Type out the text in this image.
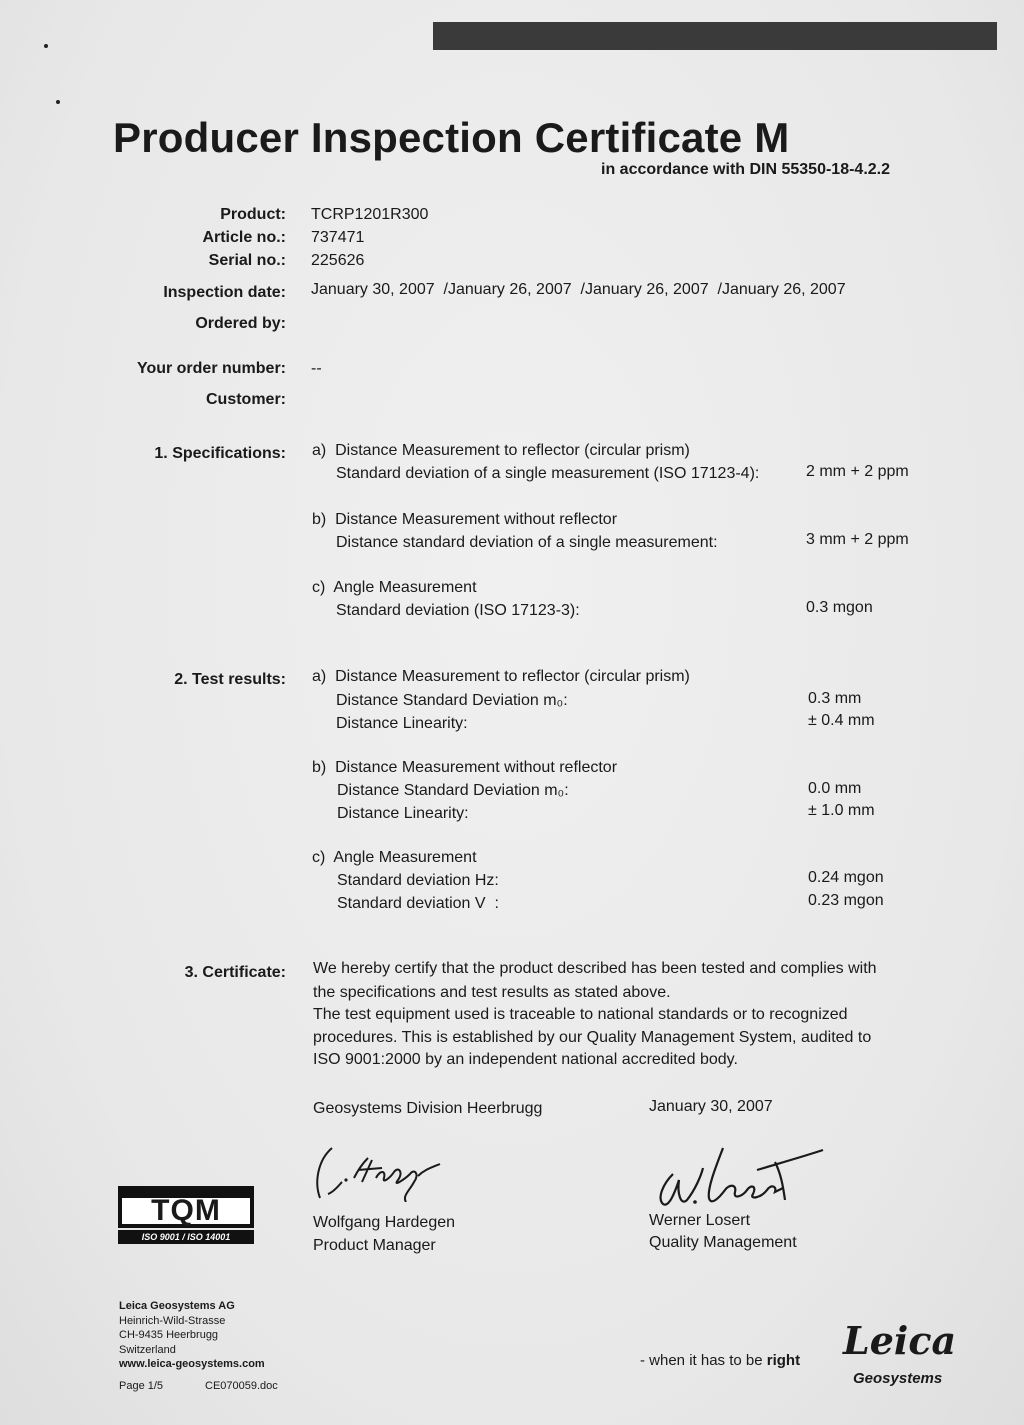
Producer Inspection Certificate M
in accordance with DIN 55350-18-4.2.2
Product: TCRP1201R300
Article no.: 737471
Serial no.: 225626
Inspection date: January 30, 2007  /January 26, 2007  /January 26, 2007  /January 26, 2007
Ordered by:
Your order number: --
Customer:
1. Specifications: a)  Distance Measurement to reflector (circular prism)
Standard deviation of a single measurement (ISO 17123-4):	2 mm + 2 ppm
b)  Distance Measurement without reflector
Distance standard deviation of a single measurement:	3 mm + 2 ppm
c)  Angle Measurement
Standard deviation (ISO 17123-3):	0.3 mgon
2. Test results: a)  Distance Measurement to reflector (circular prism)
Distance Standard Deviation m₀:	0.3 mm
Distance Linearity:	± 0.4 mm
b)  Distance Measurement without reflector
Distance Standard Deviation m₀:	0.0 mm
Distance Linearity:	± 1.0 mm
c)  Angle Measurement
Standard deviation Hz:	0.24 mgon
Standard deviation V  :	0.23 mgon
3. Certificate: We hereby certify that the product described has been tested and complies with
the specifications and test results as stated above.
The test equipment used is traceable to national standards or to recognized
procedures. This is established by our Quality Management System, audited to
ISO 9001:2000 by an independent national accredited body.
Geosystems Division Heerbrugg	January 30, 2007
Wolfgang Hardegen
Product Manager
Werner Losert
Quality Management
TQM
ISO 9001 / ISO 14001
Leica Geosystems AG
Heinrich-Wild-Strasse
CH-9435 Heerbrugg
Switzerland
www.leica-geosystems.com
Page 1/5	CE070059.doc
- when it has to be right Leica
Geosystems
